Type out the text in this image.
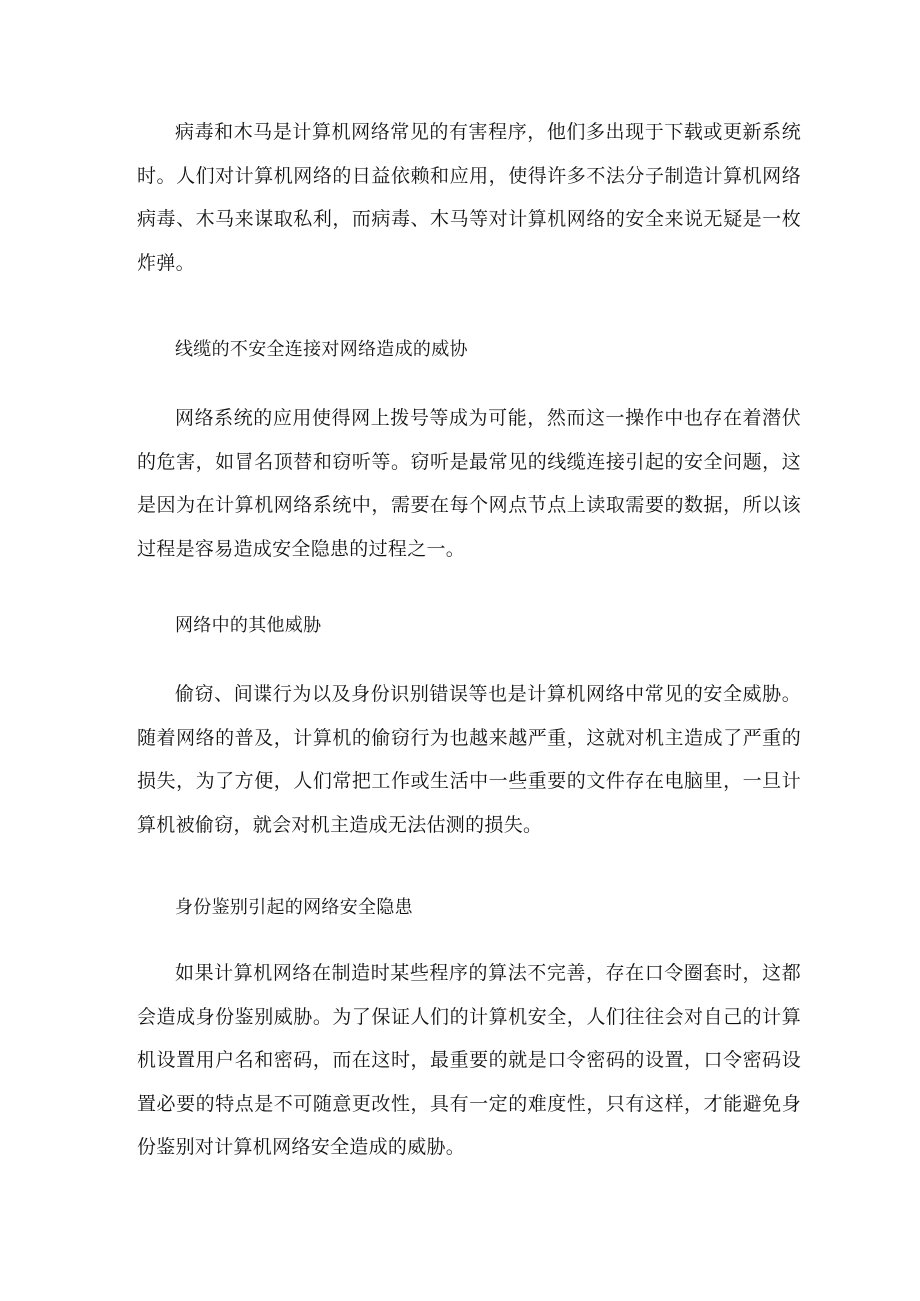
病毒和木马是计算机网络常见的有害程序，他们多出现于下载或更新系统时。人们对计算机网络的日益依赖和应用，使得许多不法分子制造计算机网络病毒、木马来谋取私利，而病毒、木马等对计算机网络的安全来说无疑是一枚炸弹。

线缆的不安全连接对网络造成的威协

网络系统的应用使得网上拨号等成为可能，然而这一操作中也存在着潜伏的危害，如冒名顶替和窃听等。窃听是最常见的线缆连接引起的安全问题，这是因为在计算机网络系统中，需要在每个网点节点上读取需要的数据，所以该过程是容易造成安全隐患的过程之一。

网络中的其他威胁

偷窃、间谍行为以及身份识别错误等也是计算机网络中常见的安全威胁。随着网络的普及，计算机的偷窃行为也越来越严重，这就对机主造成了严重的损失，为了方便，人们常把工作或生活中一些重要的文件存在电脑里，一旦计算机被偷窃，就会对机主造成无法估测的损失。

身份鉴别引起的网络安全隐患

如果计算机网络在制造时某些程序的算法不完善，存在口令圈套时，这都会造成身份鉴别威胁。为了保证人们的计算机安全，人们往往会对自己的计算机设置用户名和密码，而在这时，最重要的就是口令密码的设置，口令密码设置必要的特点是不可随意更改性，具有一定的难度性，只有这样，才能避免身份鉴别对计算机网络安全造成的威胁。
